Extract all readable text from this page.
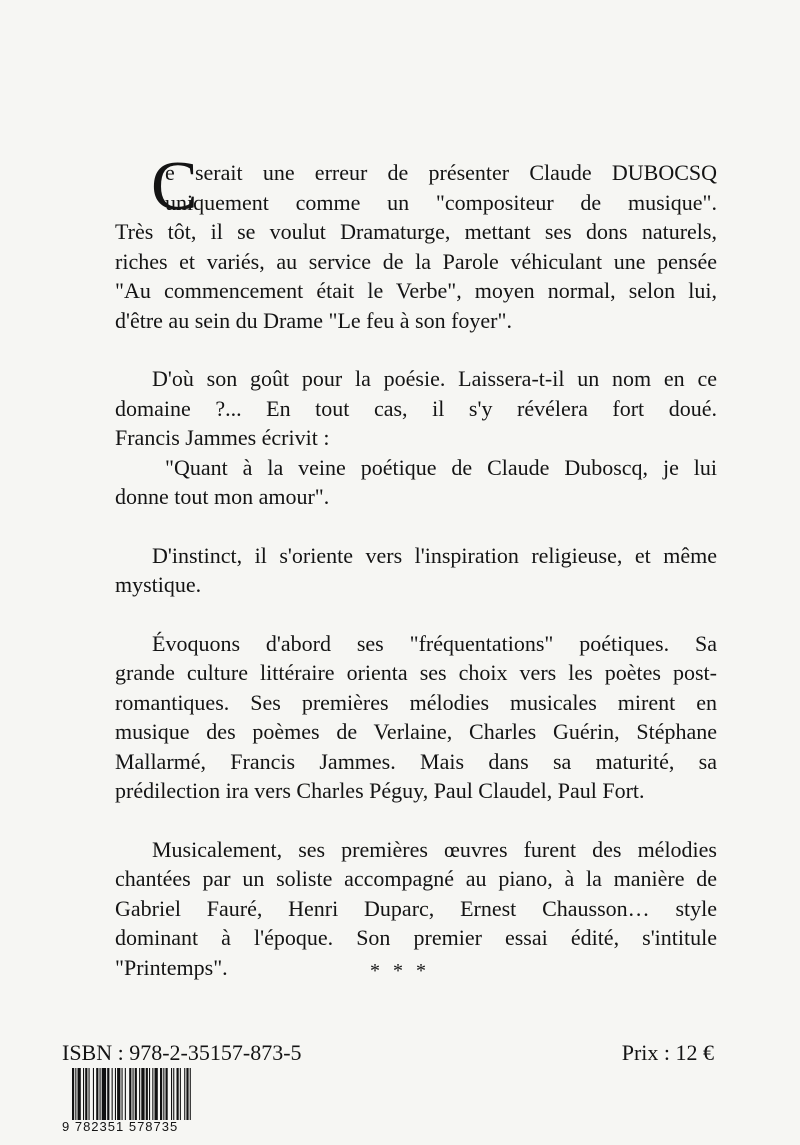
C
e serait une erreur de présenter Claude DUBOCSQ
uniquement comme un "compositeur de musique".
Très tôt, il se voulut Dramaturge, mettant ses dons naturels,
riches et variés, au service de la Parole véhiculant une pensée
"Au commencement était le Verbe", moyen normal, selon lui,
d'être au sein du Drame "Le feu à son foyer".
D'où son goût pour la poésie. Laissera-t-il un nom en ce
domaine ?... En tout cas, il s'y révélera fort doué.
Francis Jammes écrivit :
"Quant à la veine poétique de Claude Duboscq, je lui
donne tout mon amour".
D'instinct, il s'oriente vers l'inspiration religieuse, et même
mystique.
Évoquons d'abord ses "fréquentations" poétiques. Sa
grande culture littéraire orienta ses choix vers les poètes post-
romantiques. Ses premières mélodies musicales mirent en
musique des poèmes de Verlaine, Charles Guérin, Stéphane
Mallarmé, Francis Jammes. Mais dans sa maturité, sa
prédilection ira vers Charles Péguy, Paul Claudel, Paul Fort.
Musicalement, ses premières œuvres furent des mélodies
chantées par un soliste accompagné au piano, à la manière de
Gabriel Fauré, Henri Duparc, Ernest Chausson… style
dominant à l'époque. Son premier essai édité, s'intitule
"Printemps".	* * *
ISBN : 978-2-35157-873-5	Prix : 12 €
9 782351 578735
